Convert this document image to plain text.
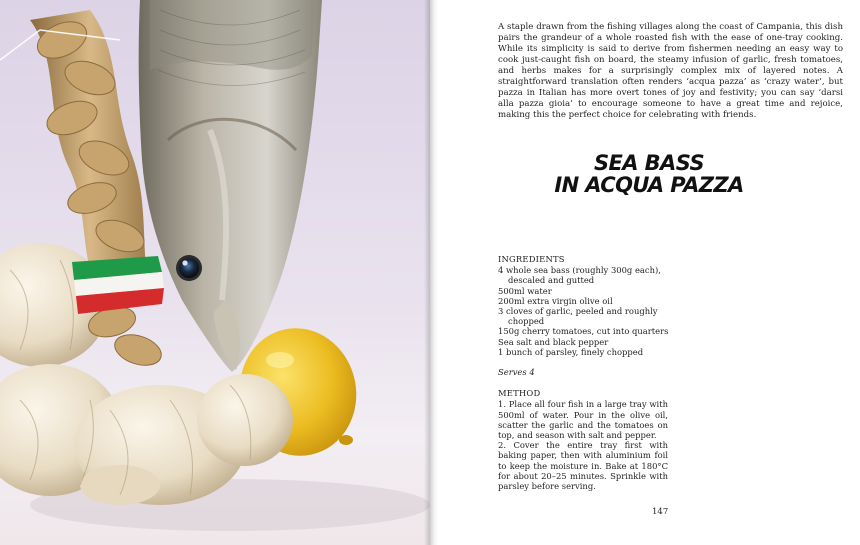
A staple drawn from the fishing villages along the coast of Campania, this dish pairs the grandeur of a whole roasted fish with the ease of one-tray cooking. While its simplicity is said to derive from fishermen needing an easy way to cook just-caught fish on board, the steamy infusion of garlic, fresh tomatoes, and herbs makes for a surprisingly complex mix of layered notes. A straightforward translation often renders ‘acqua pazza’ as ‘crazy water’, but pazza in Italian has more overt tones of joy and festivity; you can say ‘darsi alla pazza gioia’ to encourage someone to have a great time and rejoice, making this the perfect choice for celebrating with friends.

SEA BASS
IN ACQUA PAZZA
INGREDIENTS
4 whole sea bass (roughly 300g each), descaled and gutted
500ml water
200ml extra virgin olive oil
3 cloves of garlic, peeled and roughly chopped
150g cherry tomatoes, cut into quarters
Sea salt and black pepper
1 bunch of parsley, finely chopped
Serves 4
METHOD
1. Place all four fish in a large tray with 500ml of water. Pour in the olive oil, scatter the garlic and the tomatoes on top, and season with salt and pepper.
2. Cover the entire tray first with baking paper, then with aluminium foil to keep the moisture in. Bake at 180°C for about 20–25 minutes. Sprinkle with parsley before serving.
147
